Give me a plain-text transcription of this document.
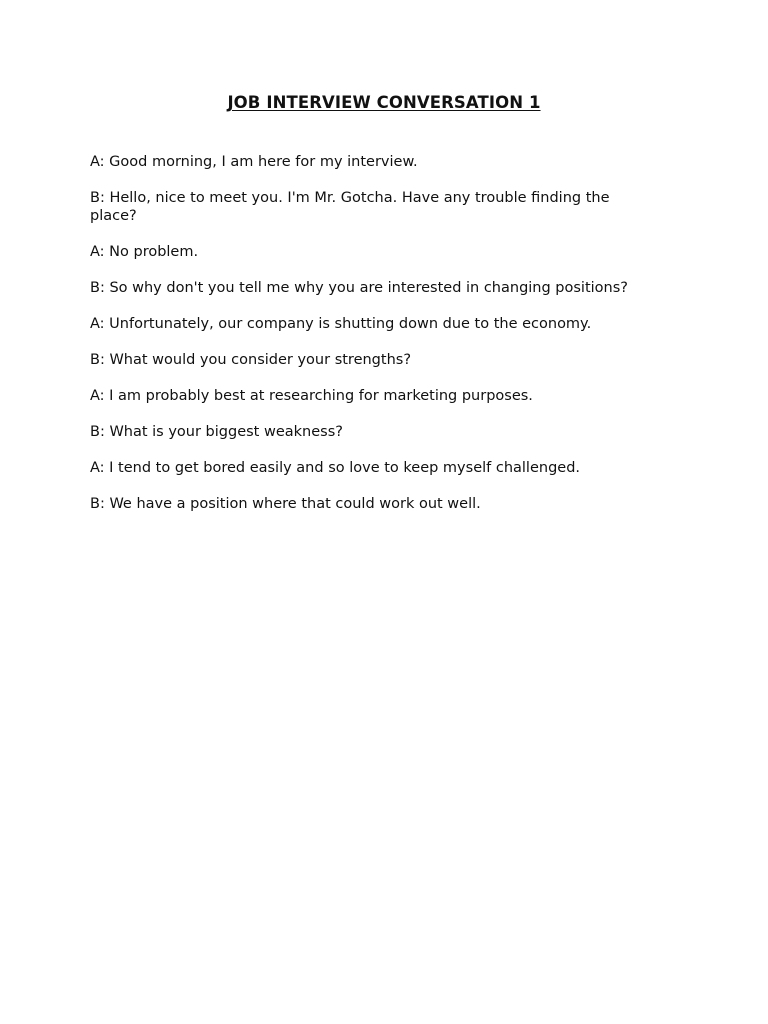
JOB INTERVIEW CONVERSATION 1

A: Good morning, I am here for my interview.

B: Hello, nice to meet you. I'm Mr. Gotcha. Have any trouble finding the place?

A: No problem.

B: So why don't you tell me why you are interested in changing positions?

A: Unfortunately, our company is shutting down due to the economy.

B: What would you consider your strengths?

A: I am probably best at researching for marketing purposes.

B: What is your biggest weakness?

A: I tend to get bored easily and so love to keep myself challenged.

B: We have a position where that could work out well.
